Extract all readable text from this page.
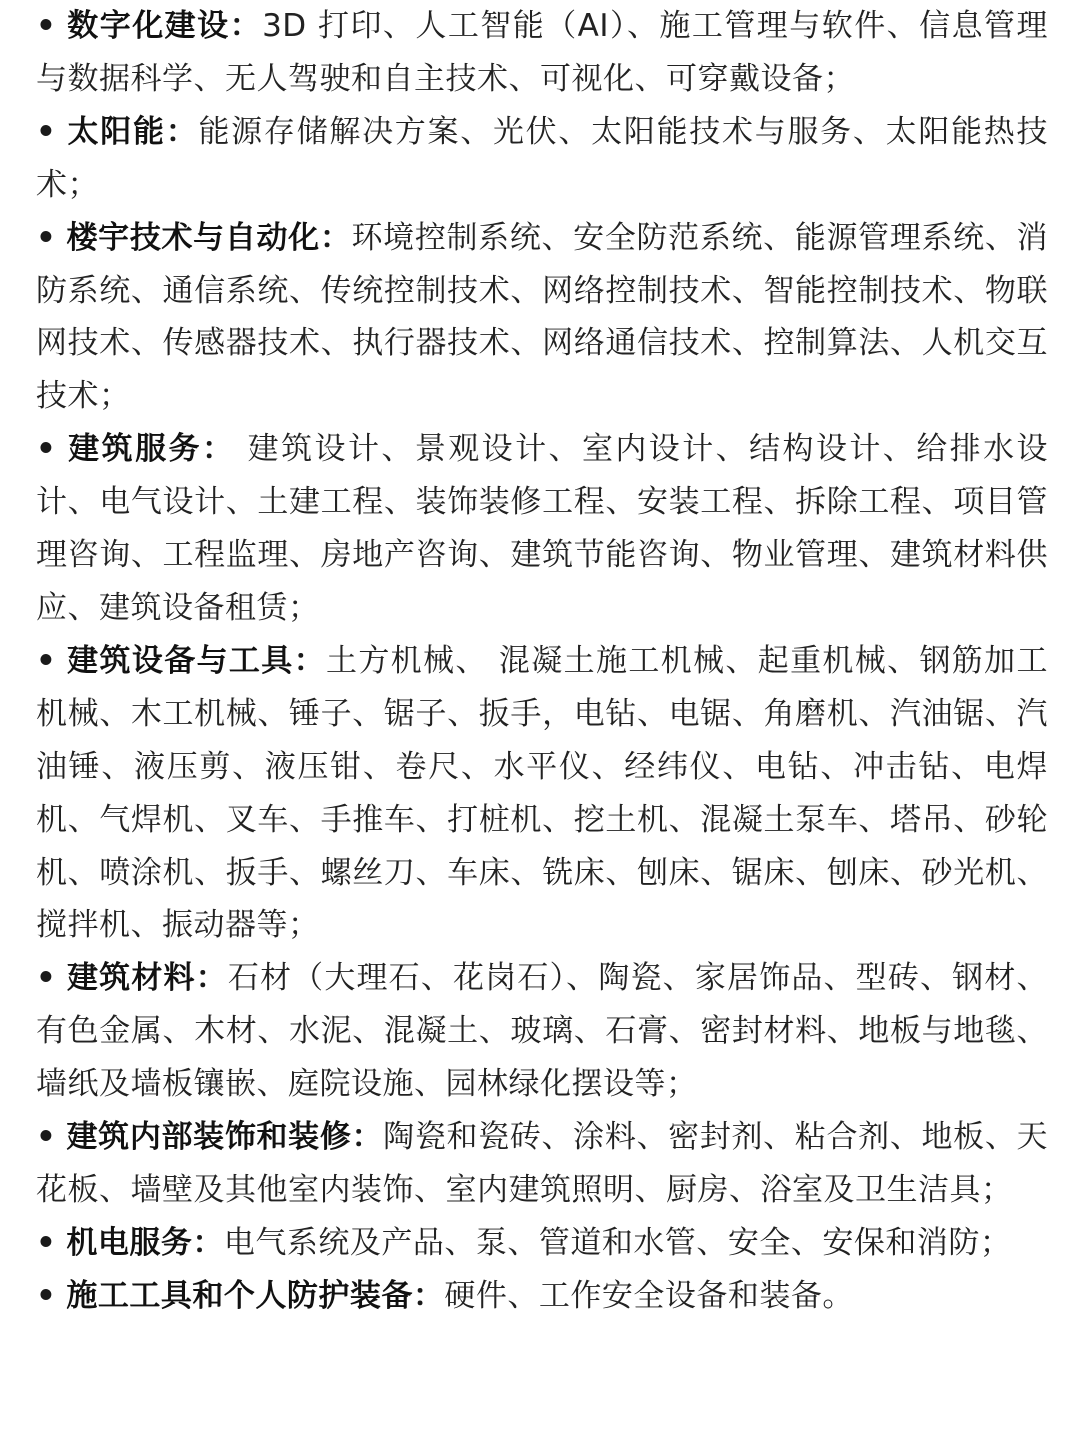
• 数字化建设：3D 打印、人工智能（AI）、施工管理与软件、信息管理与数据科学、无人驾驶和自主技术、可视化、可穿戴设备；

• 太阳能：能源存储解决方案、光伏、太阳能技术与服务、太阳能热技术；

• 楼宇技术与自动化：环境控制系统、安全防范系统、能源管理系统、消防系统、通信系统、传统控制技术、网络控制技术、智能控制技术、物联网技术、传感器技术、执行器技术、网络通信技术、控制算法、人机交互技术；

• 建筑服务： 建筑设计、景观设计、室内设计、结构设计、给排水设计、电气设计、土建工程、装饰装修工程、安装工程、拆除工程、项目管理咨询、工程监理、房地产咨询、建筑节能咨询、物业管理、建筑材料供应、建筑设备租赁；

• 建筑设备与工具：土方机械、 混凝土施工机械、起重机械、钢筋加工机械、木工机械、锤子、锯子、扳手，电钻、电锯、角磨机、汽油锯、汽油锤、液压剪、液压钳、卷尺、水平仪、经纬仪、电钻、冲击钻、电焊机、气焊机、叉车、手推车、打桩机、挖土机、混凝土泵车、塔吊、砂轮机、喷涂机、扳手、螺丝刀、车床、铣床、刨床、锯床、刨床、砂光机、搅拌机、振动器等；

• 建筑材料：石材（大理石、花岗石）、陶瓷、家居饰品、型砖、钢材、有色金属、木材、水泥、混凝土、玻璃、石膏、密封材料、地板与地毯、墙纸及墙板镶嵌、庭院设施、园林绿化摆设等；

• 建筑内部装饰和装修：陶瓷和瓷砖、涂料、密封剂、粘合剂、地板、天花板、墙壁及其他室内装饰、室内建筑照明、厨房、浴室及卫生洁具；

• 机电服务：电气系统及产品、泵、管道和水管、安全、安保和消防；

• 施工工具和个人防护装备：硬件、工作安全设备和装备。
